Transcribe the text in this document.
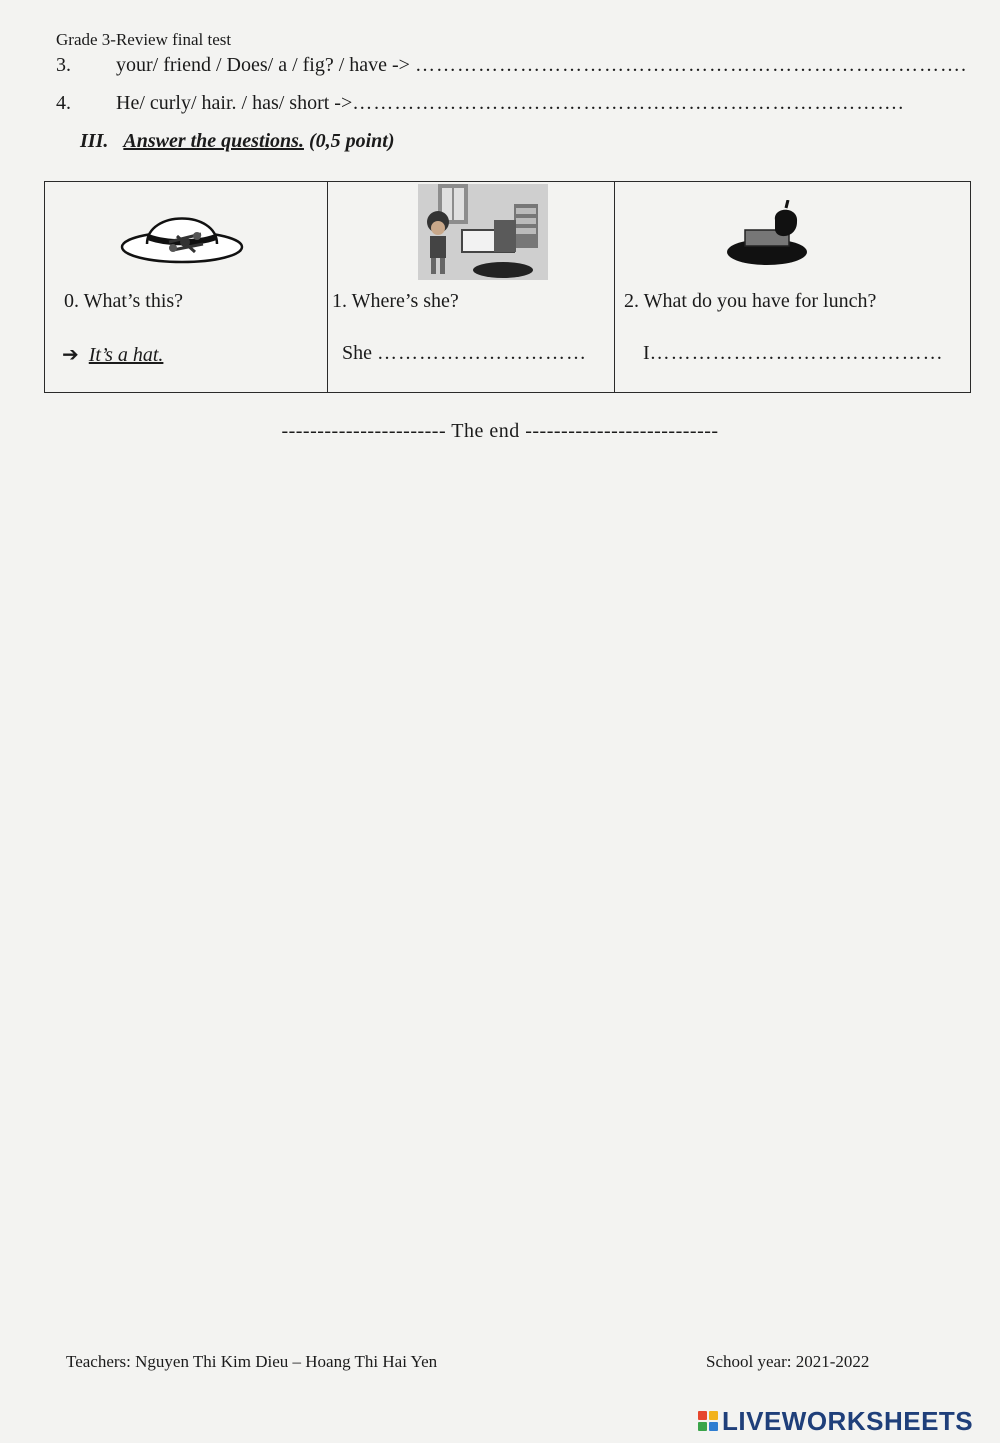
Grade 3-Review final test
3. your/ friend / Does/ a / fig? / have -> …………………………………………………………………….
4. He/ curly/ hair. / has/ short ->…………………………………………………………………….
III. Answer the questions. (0,5 point)
0. What’s this?
➔ It’s a hat.

1. Where’s she?
She …………………………

2. What do you have for lunch?
I……………………………………
----------------------- The end ---------------------------
Teachers: Nguyen Thi Kim Dieu – Hoang Thi Hai Yen	School year: 2021-2022
LIVEWORKSHEETS
